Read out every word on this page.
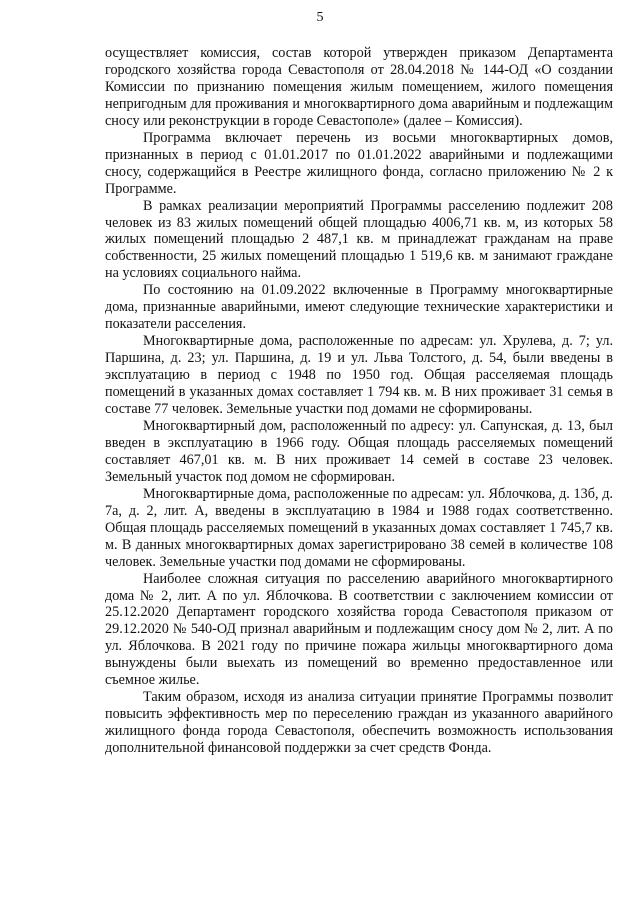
5

осуществляет комиссия, состав которой утвержден приказом Департамента городского хозяйства города Севастополя от 28.04.2018 № 144-ОД «О создании Комиссии по признанию помещения жилым помещением, жилого помещения непригодным для проживания и многоквартирного дома аварийным и подлежащим сносу или реконструкции в городе Севастополе» (далее – Комиссия).

Программа включает перечень из восьми многоквартирных домов, признанных в период с 01.01.2017 по 01.01.2022 аварийными и подлежащими сносу, содержащийся в Реестре жилищного фонда, согласно приложению № 2 к Программе.

В рамках реализации мероприятий Программы расселению подлежит 208 человек из 83 жилых помещений общей площадью 4006,71 кв. м, из которых 58 жилых помещений площадью 2 487,1 кв. м принадлежат гражданам на праве собственности, 25 жилых помещений площадью 1 519,6 кв. м занимают граждане на условиях социального найма.

По состоянию на 01.09.2022 включенные в Программу многоквартирные дома, признанные аварийными, имеют следующие технические характеристики и показатели расселения.

Многоквартирные дома, расположенные по адресам: ул. Хрулева, д. 7; ул. Паршина, д. 23; ул. Паршина, д. 19 и ул. Льва Толстого, д. 54, были введены в эксплуатацию в период с 1948 по 1950 год. Общая расселяемая площадь помещений в указанных домах составляет 1 794 кв. м. В них проживает 31 семья в составе 77 человек. Земельные участки под домами не сформированы.

Многоквартирный дом, расположенный по адресу: ул. Сапунская, д. 13, был введен в эксплуатацию в 1966 году. Общая площадь расселяемых помещений составляет 467,01 кв. м. В них проживает 14 семей в составе 23 человек. Земельный участок под домом не сформирован.

Многоквартирные дома, расположенные по адресам: ул. Яблочкова, д. 13б, д. 7а, д. 2, лит. А, введены в эксплуатацию в 1984 и 1988 годах соответственно. Общая площадь расселяемых помещений в указанных домах составляет 1 745,7 кв. м. В данных многоквартирных домах зарегистрировано 38 семей в количестве 108 человек. Земельные участки под домами не сформированы.

Наиболее сложная ситуация по расселению аварийного многоквартирного дома № 2, лит. А по ул. Яблочкова. В соответствии с заключением комиссии от 25.12.2020 Департамент городского хозяйства города Севастополя приказом от 29.12.2020 № 540-ОД признал аварийным и подлежащим сносу дом № 2, лит. А по ул. Яблочкова. В 2021 году по причине пожара жильцы многоквартирного дома вынуждены были выехать из помещений во временно предоставленное или съемное жилье.

Таким образом, исходя из анализа ситуации принятие Программы позволит повысить эффективность мер по переселению граждан из указанного аварийного жилищного фонда города Севастополя, обеспечить возможность использования дополнительной финансовой поддержки за счет средств Фонда.
